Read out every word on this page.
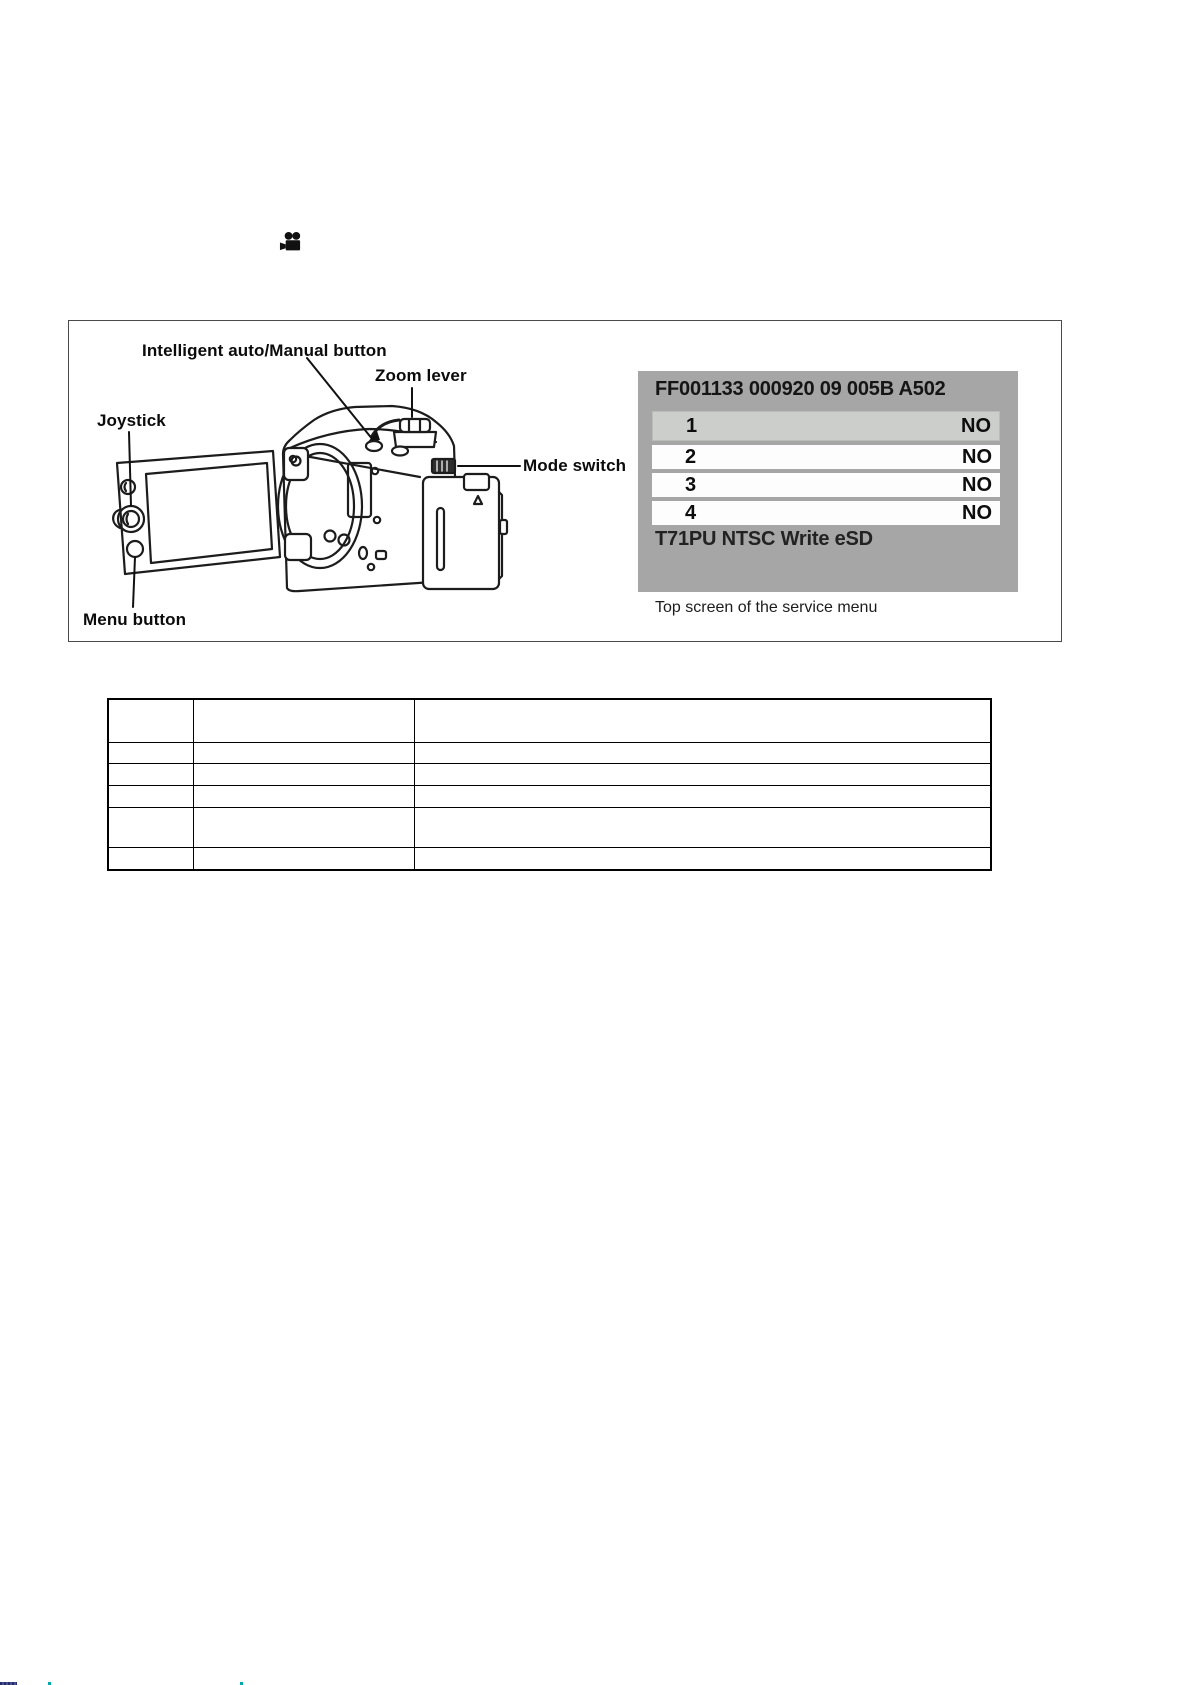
Intelligent auto/Manual button
Zoom lever
Joystick
Mode switch
Menu button
FF001133 000920 09 005B A502
1	NO
2	NO
3	NO
4	NO
T71PU NTSC Write eSD
Top screen of the service menu
